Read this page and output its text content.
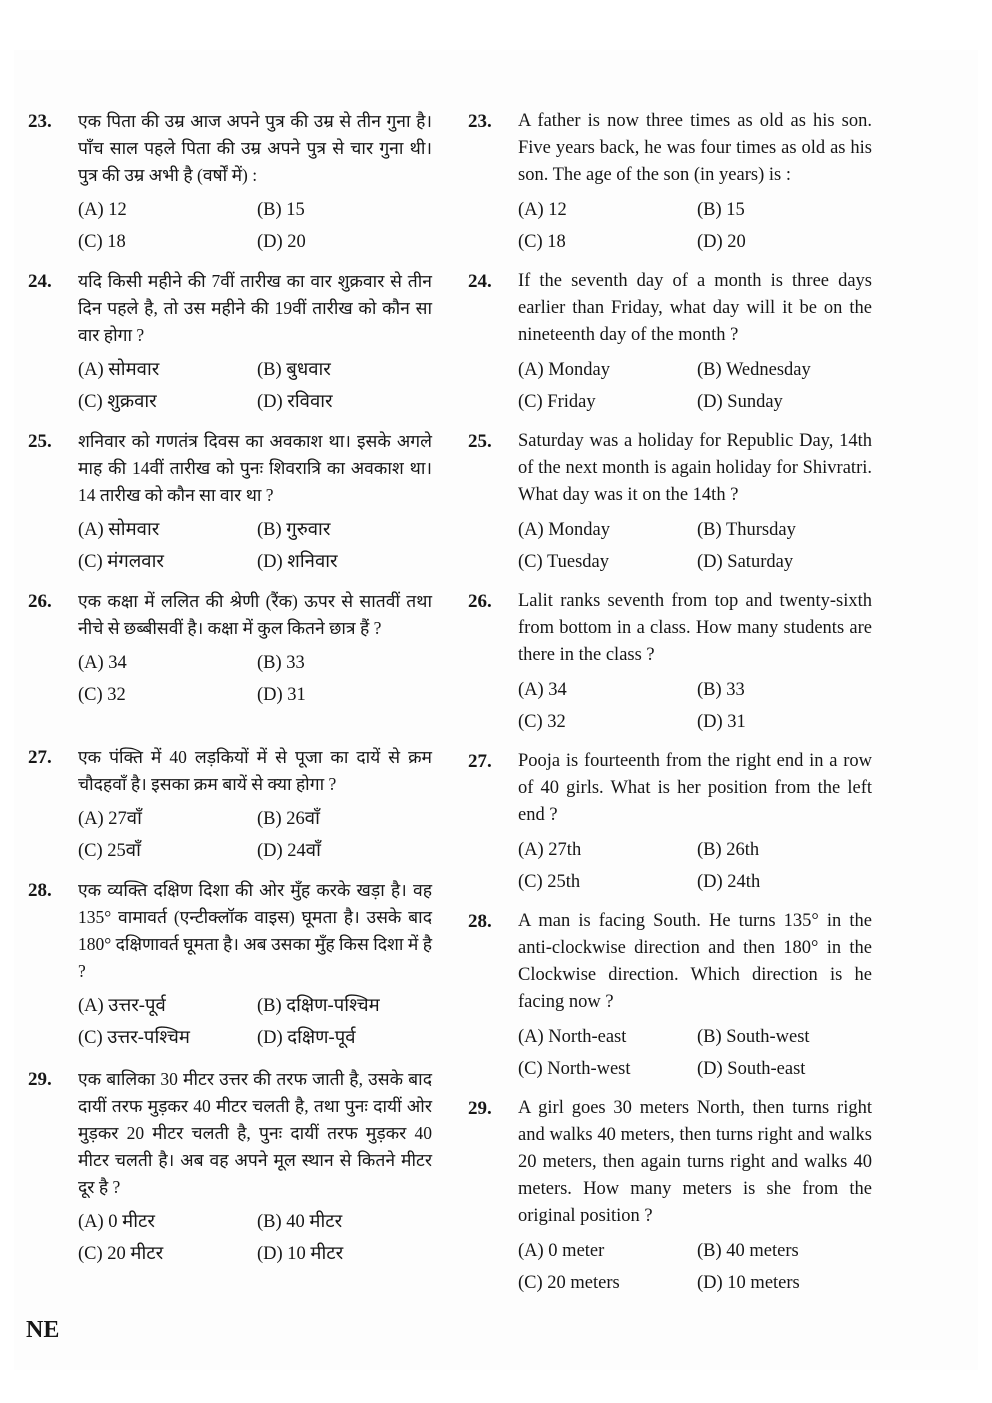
23. एक पिता की उम्र आज अपने पुत्र की उम्र से तीन गुना है। पाँच साल पहले पिता की उम्र अपने पुत्र से चार गुना थी। पुत्र की उम्र अभी है (वर्षों में) :
(A) 12	(B) 15
(C) 18	(D) 20
24. यदि किसी महीने की 7वीं तारीख का वार शुक्रवार से तीन दिन पहले है, तो उस महीने की 19वीं तारीख को कौन सा वार होगा ?
(A) सोमवार	(B) बुधवार
(C) शुक्रवार	(D) रविवार
25. शनिवार को गणतंत्र दिवस का अवकाश था। इसके अगले माह की 14वीं तारीख को पुनः शिवरात्रि का अवकाश था। 14 तारीख को कौन सा वार था ?
(A) सोमवार	(B) गुरुवार
(C) मंगलवार	(D) शनिवार
26. एक कक्षा में ललित की श्रेणी (रैंक) ऊपर से सातवीं तथा नीचे से छब्बीसवीं है। कक्षा में कुल कितने छात्र हैं ?
(A) 34	(B) 33
(C) 32	(D) 31
27. एक पंक्ति में 40 लड़कियों में से पूजा का दायें से क्रम चौदहवाँ है। इसका क्रम बायें से क्या होगा ?
(A) 27वाँ	(B) 26वाँ
(C) 25वाँ	(D) 24वाँ
28. एक व्यक्ति दक्षिण दिशा की ओर मुँह करके खड़ा है। वह 135° वामावर्त (एन्टीक्लॉक वाइस) घूमता है। उसके बाद 180° दक्षिणावर्त घूमता है। अब उसका मुँह किस दिशा में है ?
(A) उत्तर-पूर्व	(B) दक्षिण-पश्चिम
(C) उत्तर-पश्चिम	(D) दक्षिण-पूर्व
29. एक बालिका 30 मीटर उत्तर की तरफ जाती है, उसके बाद दायीं तरफ मुड़कर 40 मीटर चलती है, तथा पुनः दायीं ओर मुड़कर 20 मीटर चलती है, पुनः दायीं तरफ मुड़कर 40 मीटर चलती है। अब वह अपने मूल स्थान से कितने मीटर दूर है ?
(A) 0 मीटर	(B) 40 मीटर
(C) 20 मीटर	(D) 10 मीटर
23. A father is now three times as old as his son. Five years back, he was four times as old as his son. The age of the son (in years) is :
(A) 12	(B) 15
(C) 18	(D) 20
24. If the seventh day of a month is three days earlier than Friday, what day will it be on the nineteenth day of the month ?
(A) Monday	(B) Wednesday
(C) Friday	(D) Sunday
25. Saturday was a holiday for Republic Day, 14th of the next month is again holiday for Shivratri. What day was it on the 14th ?
(A) Monday	(B) Thursday
(C) Tuesday	(D) Saturday
26. Lalit ranks seventh from top and twenty-sixth from bottom in a class. How many students are there in the class ?
(A) 34	(B) 33
(C) 32	(D) 31
27. Pooja is fourteenth from the right end in a row of 40 girls. What is her position from the left end ?
(A) 27th	(B) 26th
(C) 25th	(D) 24th
28. A man is facing South. He turns 135° in the anti-clockwise direction and then 180° in the Clockwise direction. Which direction is he facing now ?
(A) North-east	(B) South-west
(C) North-west	(D) South-east
29. A girl goes 30 meters North, then turns right and walks 40 meters, then turns right and walks 20 meters, then again turns right and walks 40 meters. How many meters is she from the original position ?
(A) 0 meter	(B) 40 meters
(C) 20 meters	(D) 10 meters
NE
